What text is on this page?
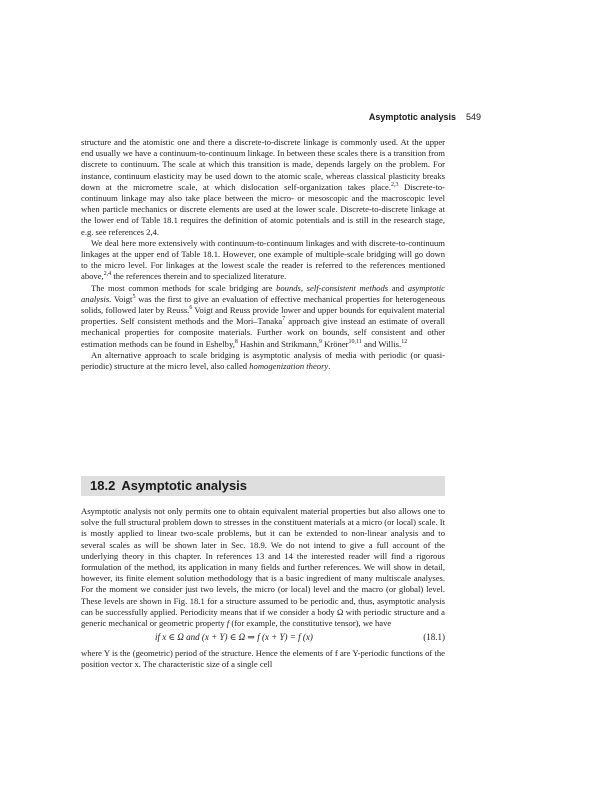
Asymptotic analysis 549

structure and the atomistic one and there a discrete-to-discrete linkage is commonly used. At the upper end usually we have a continuum-to-continuum linkage. In between these scales there is a transition from discrete to continuum. The scale at which this transition is made, depends largely on the problem. For instance, continuum elasticity may be used down to the atomic scale, whereas classical plasticity breaks down at the micrometre scale, at which dislocation self-organization takes place.$^{2,3}$ Discrete-to-continuum linkage may also take place between the micro- or mesoscopic and the macroscopic level when particle mechanics or discrete elements are used at the lower scale. Discrete-to-discrete linkage at the lower end of Table 18.1 requires the definition of atomic potentials and is still in the research stage, e.g. see references 2,4.

We deal here more extensively with continuum-to-continuum linkages and with discrete-to-continuum linkages at the upper end of Table 18.1. However, one example of multiple-scale bridging will go down to the micro level. For linkages at the lowest scale the reader is referred to the references mentioned above,$^{2,4}$ the references therein and to specialized literature.

The most common methods for scale bridging are bounds, self-consistent methods and asymptotic analysis. Voigt$^5$ was the first to give an evaluation of effective mechanical properties for heterogeneous solids, followed later by Reuss.$^6$ Voigt and Reuss provide lower and upper bounds for equivalent material properties. Self consistent methods and the Mori–Tanaka$^7$ approach give instead an estimate of overall mechanical properties for composite materials. Further work on bounds, self consistent and other estimation methods can be found in Eshelby,$^8$ Hashin and Strikmann,$^9$ Kröner$^{10,11}$ and Willis.$^{12}$

An alternative approach to scale bridging is asymptotic analysis of media with periodic (or quasi-periodic) structure at the micro level, also called homogenization theory.

18.2 Asymptotic analysis

Asymptotic analysis not only permits one to obtain equivalent material properties but also allows one to solve the full structural problem down to stresses in the constituent materials at a micro (or local) scale. It is mostly applied to linear two-scale problems, but it can be extended to non-linear analysis and to several scales as will be shown later in Sec. 18.9. We do not intend to give a full account of the underlying theory in this chapter. In references 13 and 14 the interested reader will find a rigorous formulation of the method, its application in many fields and further references. We will show in detail, however, its finite element solution methodology that is a basic ingredient of many multiscale analyses. For the moment we consider just two levels, the micro (or local) level and the macro (or global) level. These levels are shown in Fig. 18.1 for a structure assumed to be periodic and, thus, asymptotic analysis can be successfully applied. Periodicity means that if we consider a body Ω with periodic structure and a generic mechanical or geometric property f (for example, the constitutive tensor), we have

if x ∈ Ω and (x + Y) ∈ Ω ⇒ f (x + Y) = f (x)	(18.1)

where Y is the (geometric) period of the structure. Hence the elements of f are Y-periodic functions of the position vector x. The characteristic size of a single cell
